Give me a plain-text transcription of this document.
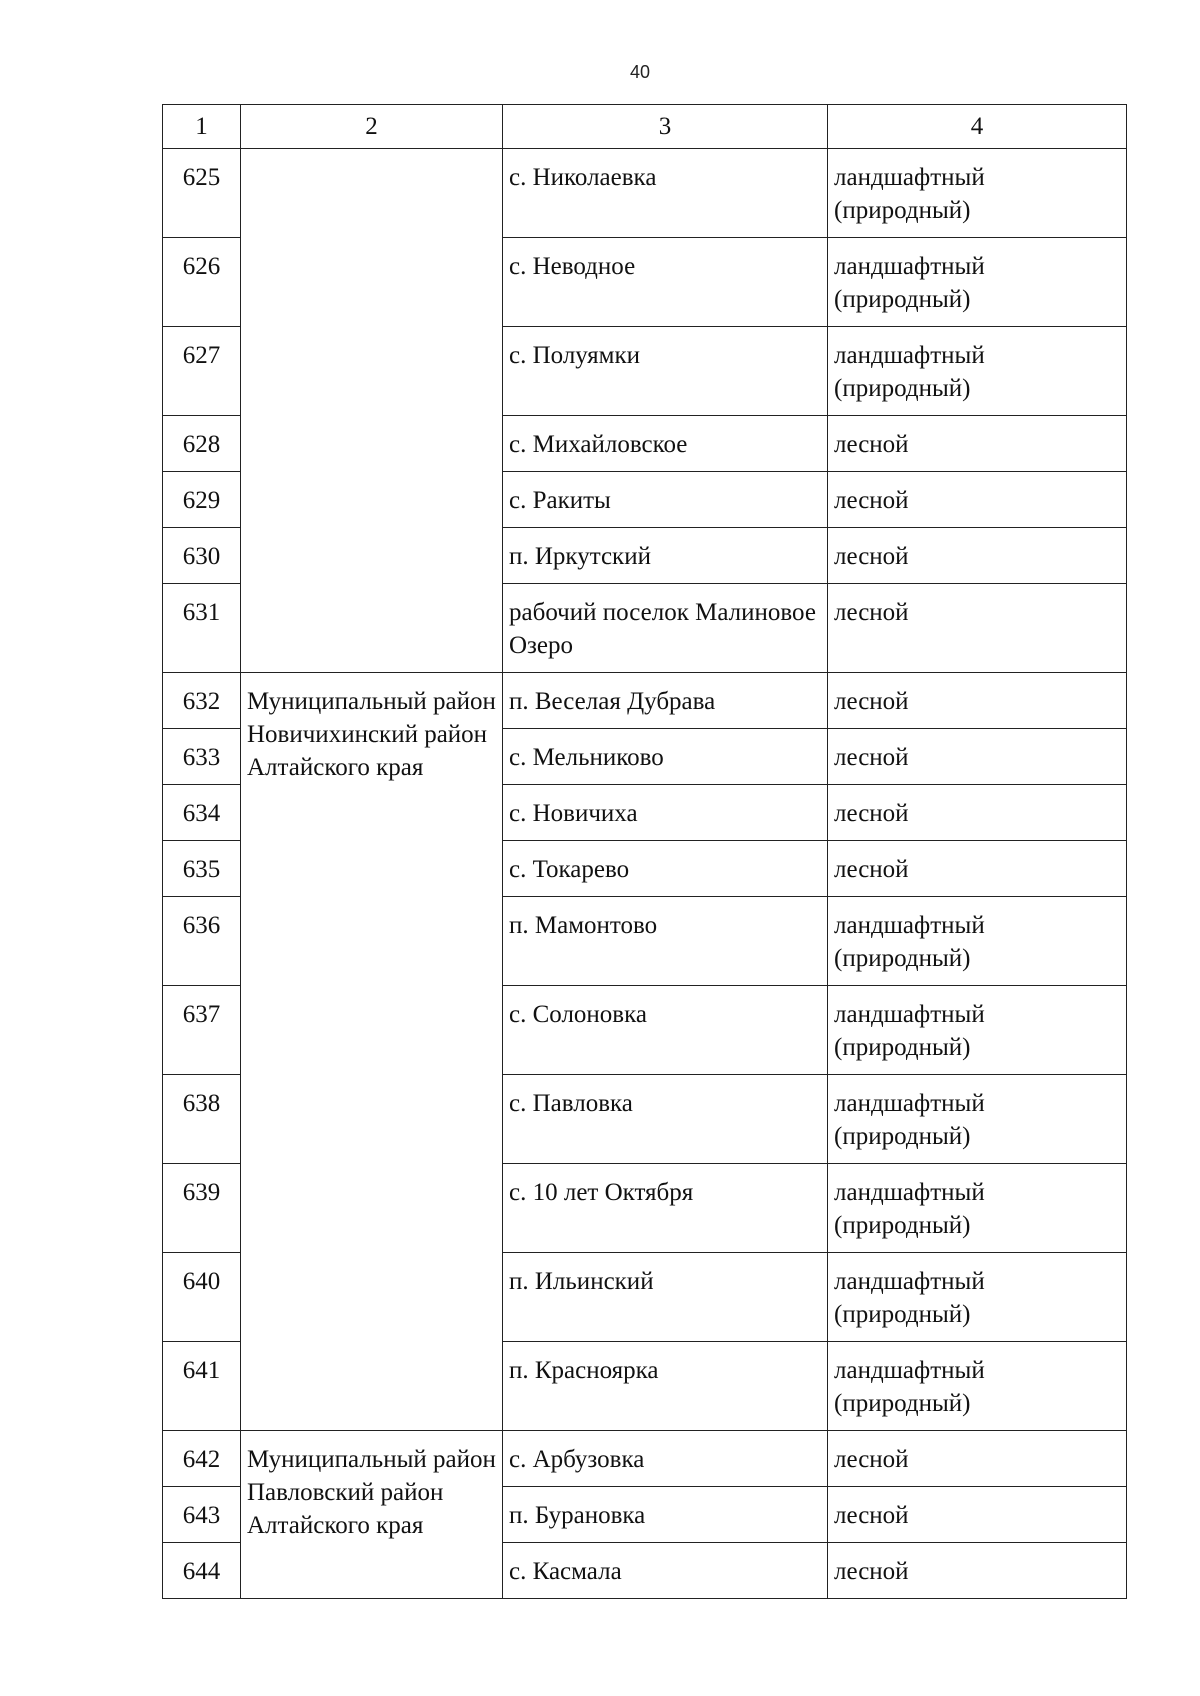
40
1	2	3	4
625		с. Николаевка	ландшафтный (природный)
626		с. Неводное	ландшафтный (природный)
627		с. Полуямки	ландшафтный (природный)
628		с. Михайловское	лесной
629		с. Ракиты	лесной
630		п. Иркутский	лесной
631		рабочий поселок Малиновое Озеро	лесной
632	Муниципальный район Новичихинский район Алтайского края	п. Веселая Дубрава	лесной
633		с. Мельниково	лесной
634		с. Новичиха	лесной
635		с. Токарево	лесной
636		п. Мамонтово	ландшафтный (природный)
637		с. Солоновка	ландшафтный (природный)
638		с. Павловка	ландшафтный (природный)
639		с. 10 лет Октября	ландшафтный (природный)
640		п. Ильинский	ландшафтный (природный)
641		п. Красноярка	ландшафтный (природный)
642	Муниципальный район Павловский район Алтайского края	с. Арбузовка	лесной
643		п. Бурановка	лесной
644		с. Касмала	лесной
